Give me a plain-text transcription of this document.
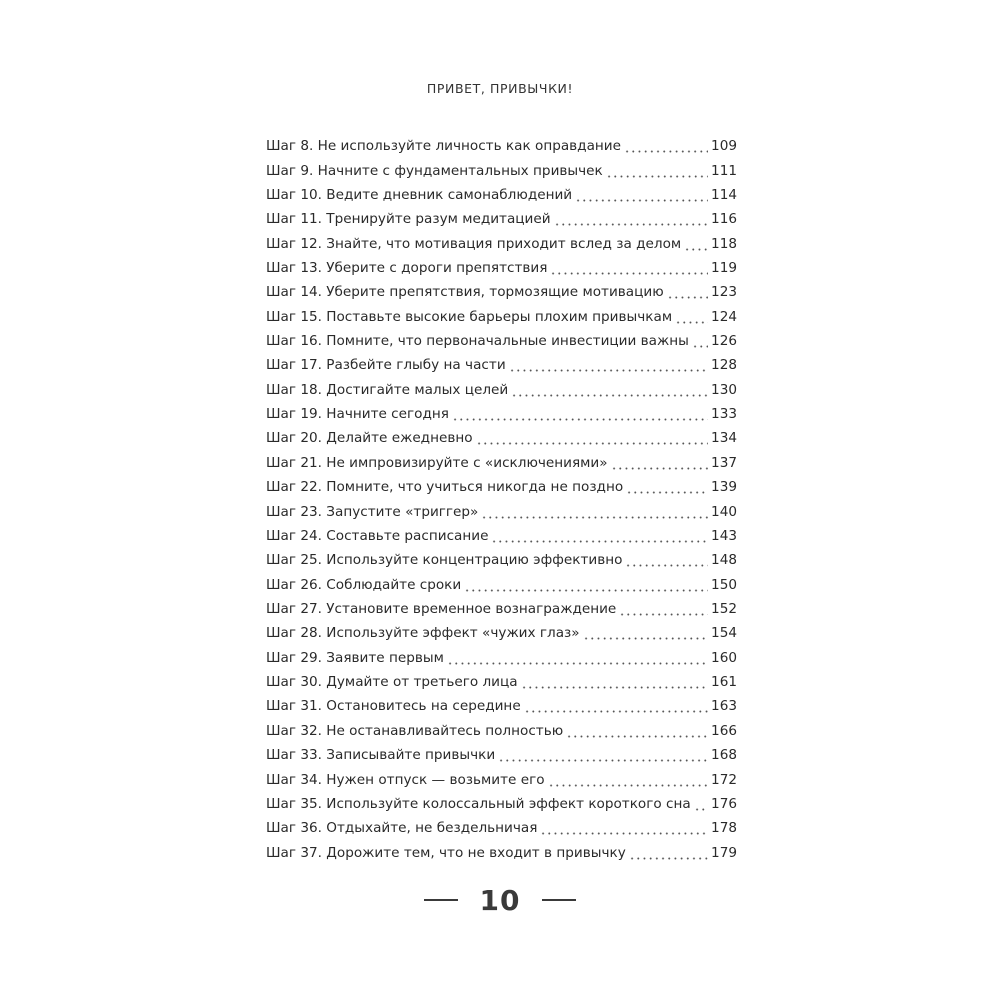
ПРИВЕТ, ПРИВЫЧКИ!
Шаг 8. Не используйте личность как оправдание	109
Шаг 9. Начните с фундаментальных привычек	111
Шаг 10. Ведите дневник самонаблюдений	114
Шаг 11. Тренируйте разум медитацией	116
Шаг 12. Знайте, что мотивация приходит вслед за делом 118
Шаг 13. Уберите с дороги препятствия	119
Шаг 14. Уберите препятствия, тормозящие мотивацию	123
Шаг 15. Поставьте высокие барьеры плохим привычкам	124
Шаг 16. Помните, что первоначальные инвестиции важны 126
Шаг 17. Разбейте глыбу на части	128
Шаг 18. Достигайте малых целей	130
Шаг 19. Начните сегодня	133
Шаг 20. Делайте ежедневно	134
Шаг 21. Не импровизируйте с «исключениями»	137
Шаг 22. Помните, что учиться никогда не поздно	139
Шаг 23. Запустите «триггер»	140
Шаг 24. Составьте расписание	143
Шаг 25. Используйте концентрацию эффективно	148
Шаг 26. Соблюдайте сроки	150
Шаг 27. Установите временное вознаграждение	152
Шаг 28. Используйте эффект «чужих глаз»	154
Шаг 29. Заявите первым	160
Шаг 30. Думайте от третьего лица	161
Шаг 31. Остановитесь на середине	163
Шаг 32. Не останавливайтесь полностью	166
Шаг 33. Записывайте привычки	168
Шаг 34. Нужен отпуск — возьмите его	172
Шаг 35. Используйте колоссальный эффект короткого сна 176
Шаг 36. Отдыхайте, не бездельничая	178
Шаг 37. Дорожите тем, что не входит в привычку	179
10
